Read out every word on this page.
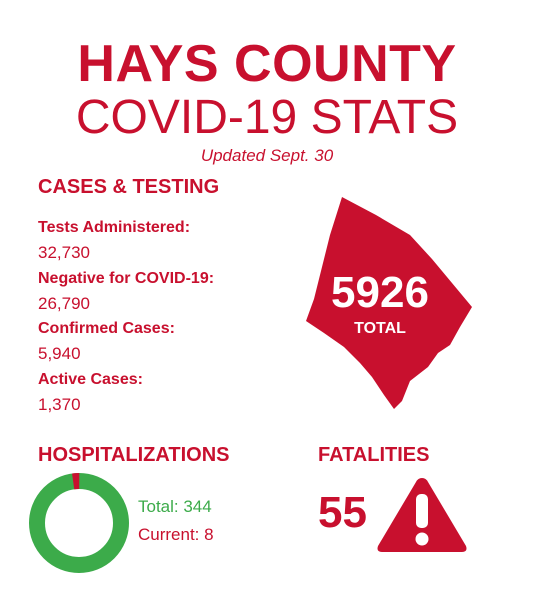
HAYS COUNTY
COVID-19 STATS
Updated Sept. 30
CASES & TESTING
Tests Administered:
32,730
Negative for COVID-19:
26,790
Confirmed Cases:
5,940
Active Cases:
1,370
5926
TOTAL
HOSPITALIZATIONS
Total: 344
Current: 8
FATALITIES
55
